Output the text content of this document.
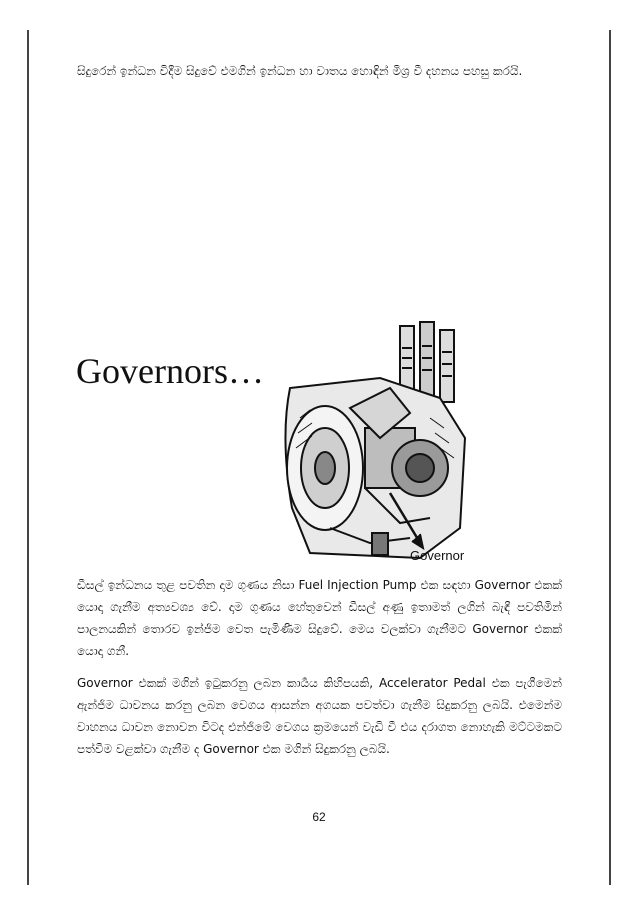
සිදුරෙන් ඉන්ධන විදීම සිදුවේ එමගින් ඉන්ධන හා වාතය හොඳින් මිශ්‍ර වී දහනය පහසු කරයි.

Governors…
Governor

ඩීසල් ඉන්ධනය තුළ පවතින දාම ගුණය නිසා Fuel Injection Pump එක සඳහා Governor එකක් යොදා ගැනීම අත්‍යවශ්‍ය වේ. දාම ගුණය හේතුවෙන් ඩීසල් අණු ඉතාමත් ලගින් බැඳී පවතිමින් පාලනයකින් තොරව ඉන්ජිම වෙත පැමිණීම සිදුවේ. මෙය වලක්වා ගැනීමට Governor එකක් යොදා ගනී.

Governor එකක් මගින් ඉටුකරනු ලබන කාර්‍යය කිහිපයකි, Accelerator Pedal එක පැගීමෙන් ඇන්ජිම ධාවනය කරනු ලබන වෙගය ආසන්න අගයක පවත්වා ගැනීම සිදුකරනු ලබයි. එමෙන්ම වාහනය ධාවන නොවන විටද එන්ජිමේ වෙගය ක්‍රමයෙන් වැඩි වී එය දරාගත නොහැකි මට්ටමකට පත්වීම වළක්වා ගැනීම ද Governor එක මගින් සිදුකරනු ලබයි.

62
